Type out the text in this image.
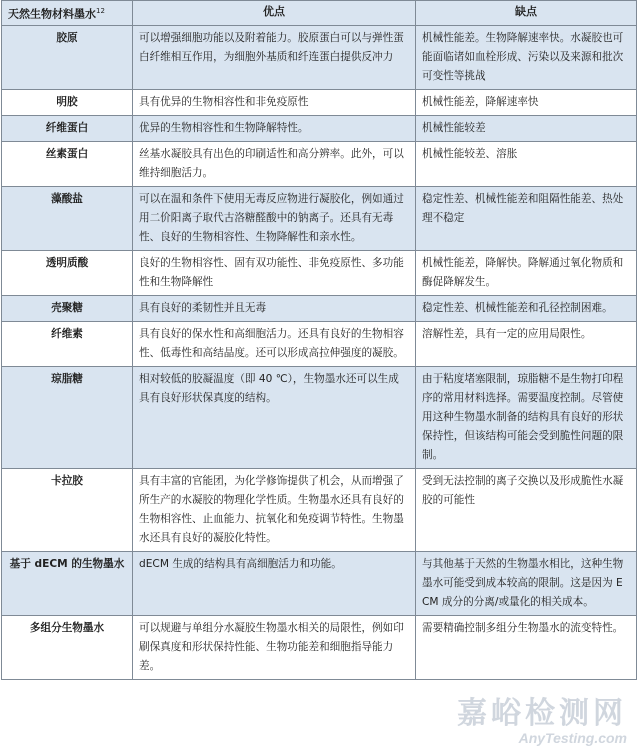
天然生物材料墨水$^{12}$	优点	缺点
胶原	可以增强细胞功能以及附着能力。胶原蛋白可以与弹性蛋白纤维相互作用，为细胞外基质和纤连蛋白提供反冲力	机械性能差。生物降解速率快。水凝胶也可能面临诸如血栓形成、污染以及来源和批次可变性等挑战
明胶	具有优异的生物相容性和非免疫原性	机械性能差，降解速率快
纤维蛋白	优异的生物相容性和生物降解特性。	机械性能较差
丝素蛋白	丝基水凝胶具有出色的印刷适性和高分辨率。此外，可以维持细胞活力。	机械性能较差、溶胀
藻酸盐	可以在温和条件下使用无毒反应物进行凝胶化，例如通过用二价阳离子取代古洛糖醛酸中的钠离子。还具有无毒性、良好的生物相容性、生物降解性和亲水性。	稳定性差、机械性能差和阻隔性能差、热处理不稳定
透明质酸	良好的生物相容性、固有双功能性、非免疫原性、多功能性和生物降解性	机械性能差，降解快。降解通过氧化物质和酶促降解发生。
壳聚糖	具有良好的柔韧性并且无毒	稳定性差、机械性能差和孔径控制困难。
纤维素	具有良好的保水性和高细胞活力。还具有良好的生物相容性、低毒性和高结晶度。还可以形成高拉伸强度的凝胶。	溶解性差，具有一定的应用局限性。
琼脂糖	相对较低的胶凝温度（即 40 ℃），生物墨水还可以生成具有良好形状保真度的结构。	由于粘度堵塞限制，琼脂糖不是生物打印程序的常用材料选择。需要温度控制。尽管使用这种生物墨水制备的结构具有良好的形状保持性，但该结构可能会受到脆性问题的限制。
卡拉胶	具有丰富的官能团，为化学修饰提供了机会，从而增强了所生产的水凝胶的物理化学性质。生物墨水还具有良好的生物相容性、止血能力、抗氧化和免疫调节特性。生物墨水还具有良好的凝胶化特性。	受到无法控制的离子交换以及形成脆性水凝胶的可能性
基于 dECM 的生物墨水	dECM 生成的结构具有高细胞活力和功能。	与其他基于天然的生物墨水相比，这种生物墨水可能受到成本较高的限制。这是因为 ECM 成分的分离/或量化的相关成本。
多组分生物墨水	可以规避与单组分水凝胶生物墨水相关的局限性，例如印刷保真度和形状保持性能、生物功能差和细胞指导能力差。	需要精确控制多组分生物墨水的流变特性。
嘉峪检测网
AnyTesting.com
